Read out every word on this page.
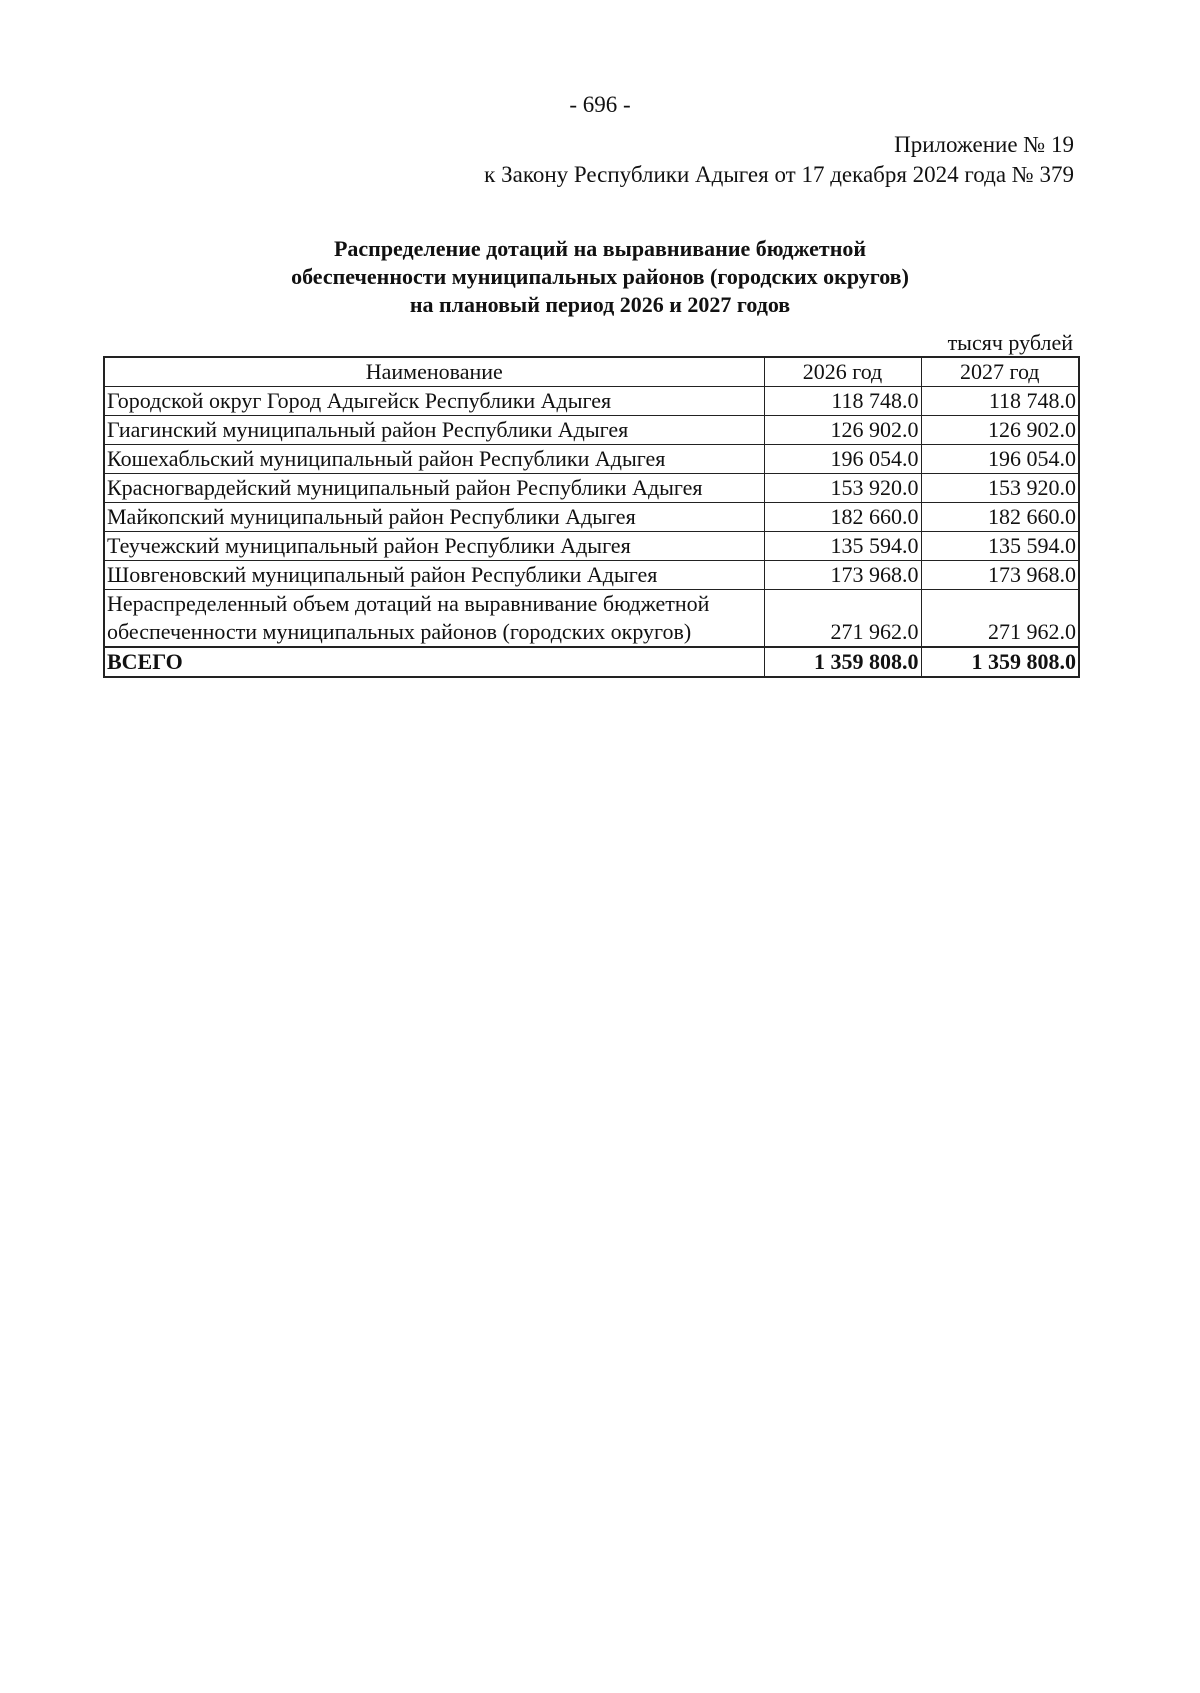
- 696 -
Приложение № 19
к Закону Республики Адыгея от 17 декабря 2024 года № 379
Распределение дотаций на выравнивание бюджетной
обеспеченности муниципальных районов (городских округов)
на плановый период 2026 и 2027 годов
тысяч рублей
Наименование	2026 год	2027 год
Городской округ Город Адыгейск Республики Адыгея	118 748.0	118 748.0
Гиагинский муниципальный район Республики Адыгея	126 902.0	126 902.0
Кошехабльский муниципальный район Республики Адыгея	196 054.0	196 054.0
Красногвардейский муниципальный район Республики Адыгея	153 920.0	153 920.0
Майкопский муниципальный район Республики Адыгея	182 660.0	182 660.0
Теучежский муниципальный район Республики Адыгея	135 594.0	135 594.0
Шовгеновский муниципальный район Республики Адыгея	173 968.0	173 968.0
Нераспределенный объем дотаций на выравнивание бюджетной обеспеченности муниципальных районов (городских округов)	271 962.0	271 962.0
ВСЕГО	1 359 808.0	1 359 808.0
